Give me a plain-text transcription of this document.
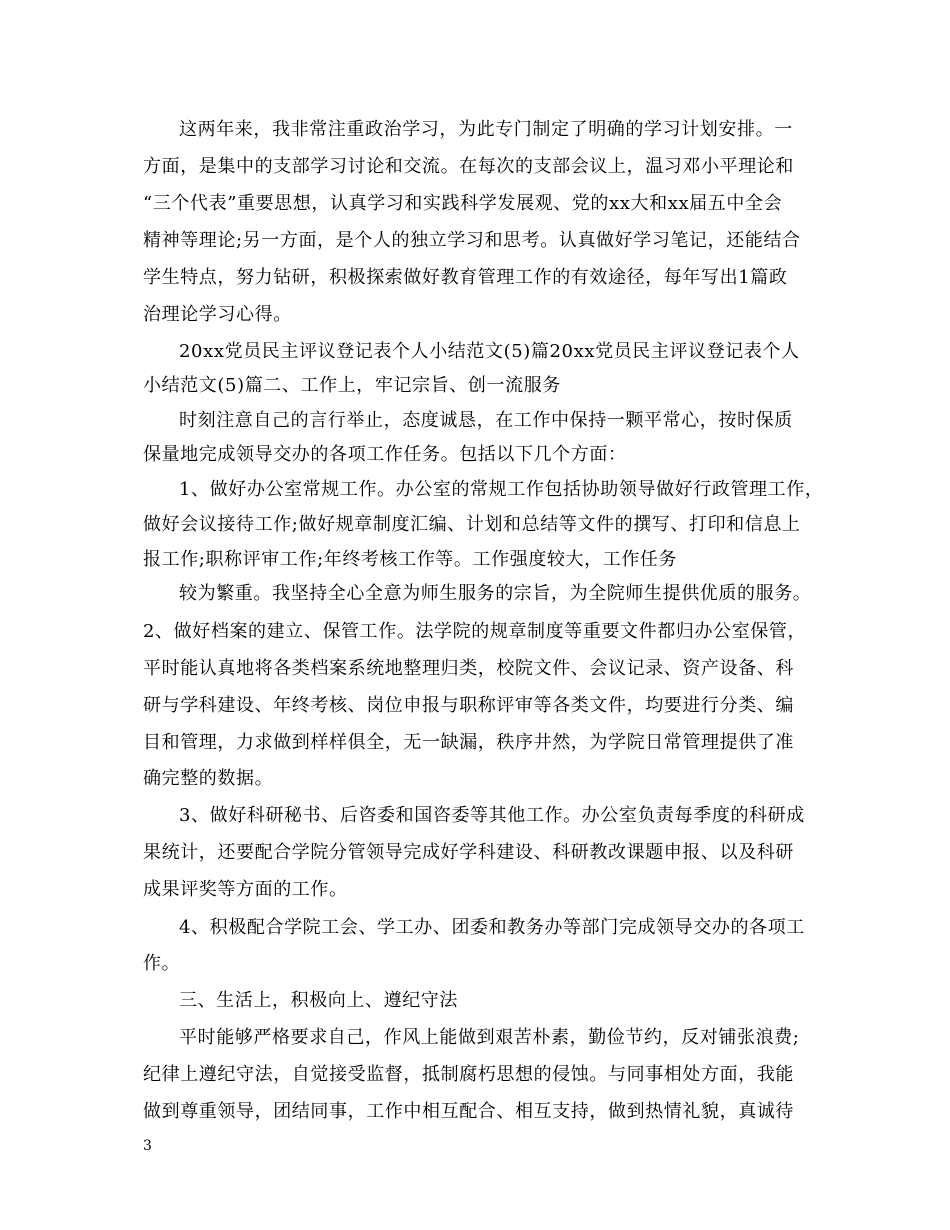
这两年来，我非常注重政治学习，为此专门制定了明确的学习计划安排。一
方面，是集中的支部学习讨论和交流。在每次的支部会议上，温习邓小平理论和
“三个代表”重要思想，认真学习和实践科学发展观、党的xx大和xx届五中全会
精神等理论;另一方面，是个人的独立学习和思考。认真做好学习笔记，还能结合
学生特点，努力钻研，积极探索做好教育管理工作的有效途径，每年写出1篇政
治理论学习心得。
20xx党员民主评议登记表个人小结范文(5)篇20xx党员民主评议登记表个人
小结范文(5)篇二、工作上，牢记宗旨、创一流服务
时刻注意自己的言行举止，态度诚恳，在工作中保持一颗平常心，按时保质
保量地完成领导交办的各项工作任务。包括以下几个方面：
1、做好办公室常规工作。办公室的常规工作包括协助领导做好行政管理工作，
做好会议接待工作;做好规章制度汇编、计划和总结等文件的撰写、打印和信息上
报工作;职称评审工作;年终考核工作等。工作强度较大，工作任务
较为繁重。我坚持全心全意为师生服务的宗旨，为全院师生提供优质的服务。
2、做好档案的建立、保管工作。法学院的规章制度等重要文件都归办公室保管，
平时能认真地将各类档案系统地整理归类，校院文件、会议记录、资产设备、科
研与学科建设、年终考核、岗位申报与职称评审等各类文件，均要进行分类、编
目和管理，力求做到样样俱全，无一缺漏，秩序井然，为学院日常管理提供了准
确完整的数据。
3、做好科研秘书、后咨委和国咨委等其他工作。办公室负责每季度的科研成
果统计，还要配合学院分管领导完成好学科建设、科研教改课题申报、以及科研
成果评奖等方面的工作。
4、积极配合学院工会、学工办、团委和教务办等部门完成领导交办的各项工
作。
三、生活上，积极向上、遵纪守法
平时能够严格要求自己，作风上能做到艰苦朴素，勤俭节约，反对铺张浪费;
纪律上遵纪守法，自觉接受监督，抵制腐朽思想的侵蚀。与同事相处方面，我能
做到尊重领导，团结同事，工作中相互配合、相互支持，做到热情礼貌，真诚待
3
